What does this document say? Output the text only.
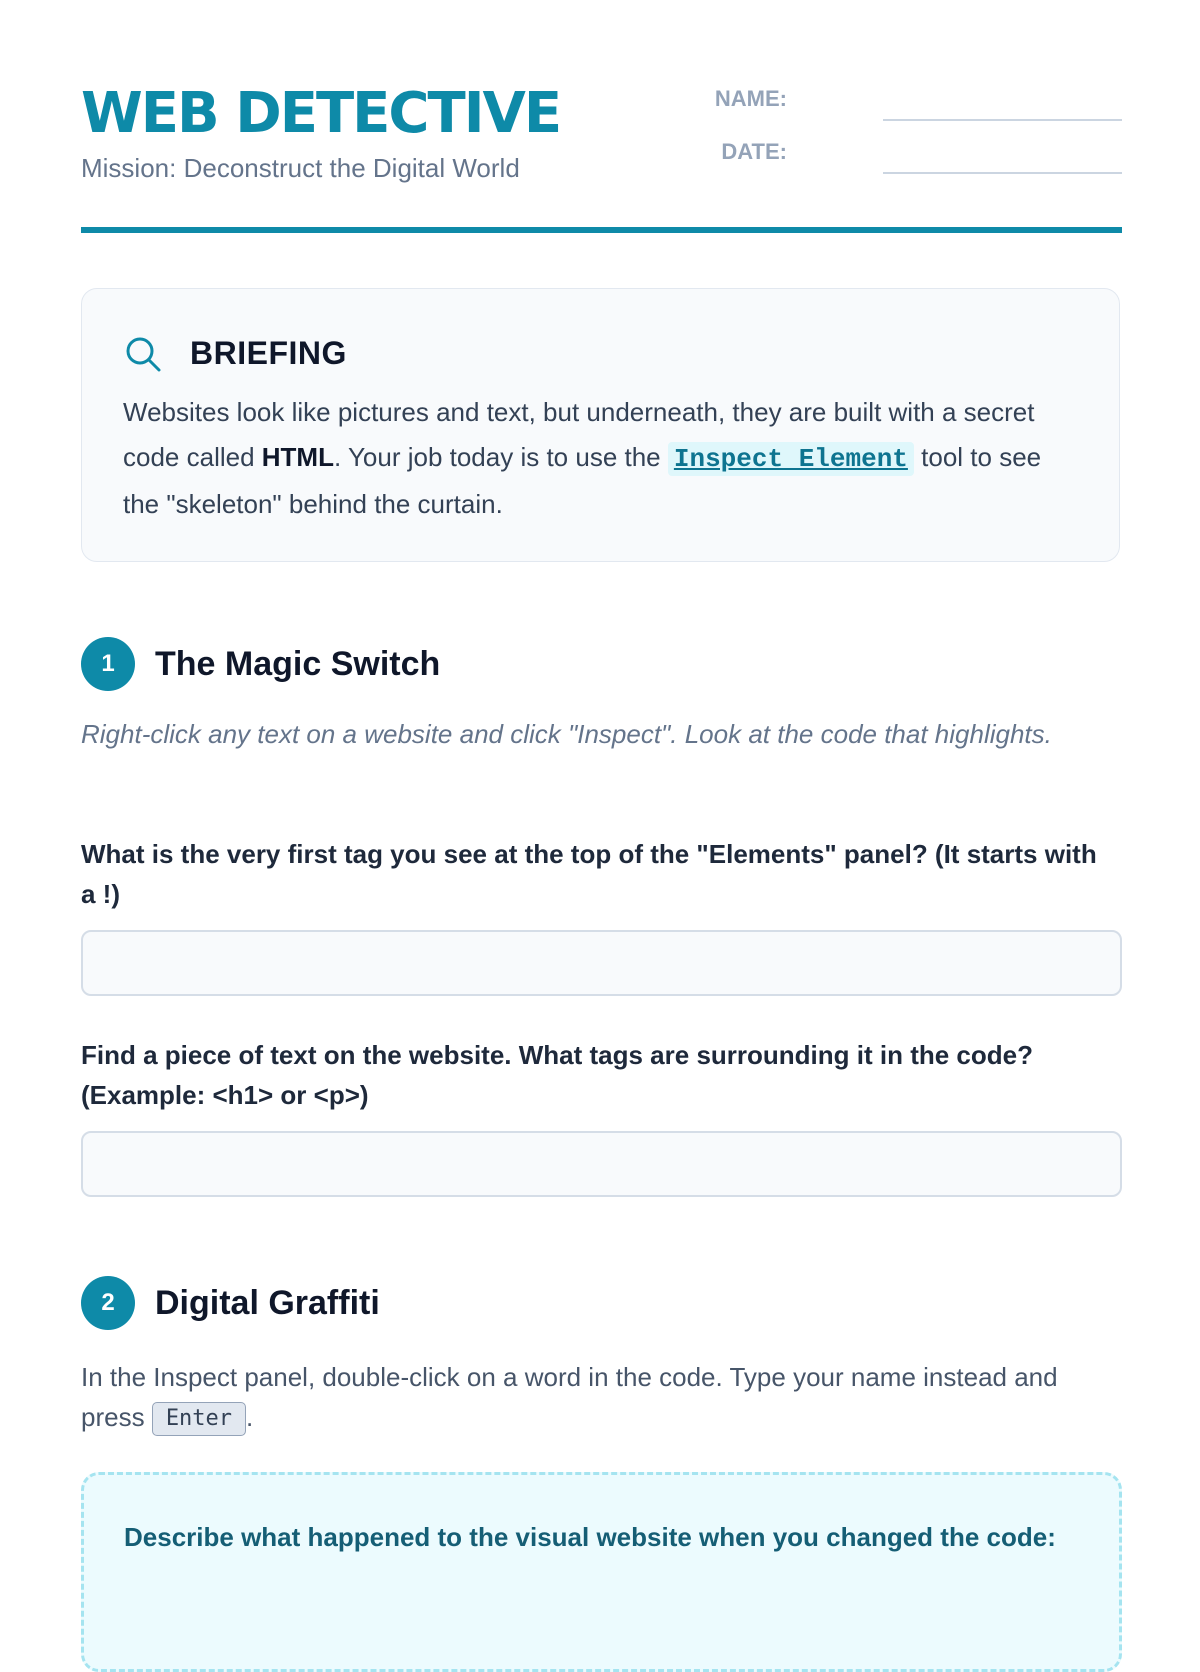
WEB DETECTIVE
Mission: Deconstruct the Digital World
NAME:
DATE:
BRIEFING
Websites look like pictures and text, but underneath, they are built with a secret code called HTML. Your job today is to use the Inspect Element tool to see the "skeleton" behind the curtain.
1	The Magic Switch
Right-click any text on a website and click "Inspect". Look at the code that highlights.
What is the very first tag you see at the top of the "Elements" panel? (It starts with a !)
Find a piece of text on the website. What tags are surrounding it in the code? (Example: <h1> or <p>)
2	Digital Graffiti
In the Inspect panel, double-click on a word in the code. Type your name instead and press Enter .
Describe what happened to the visual website when you changed the code:
